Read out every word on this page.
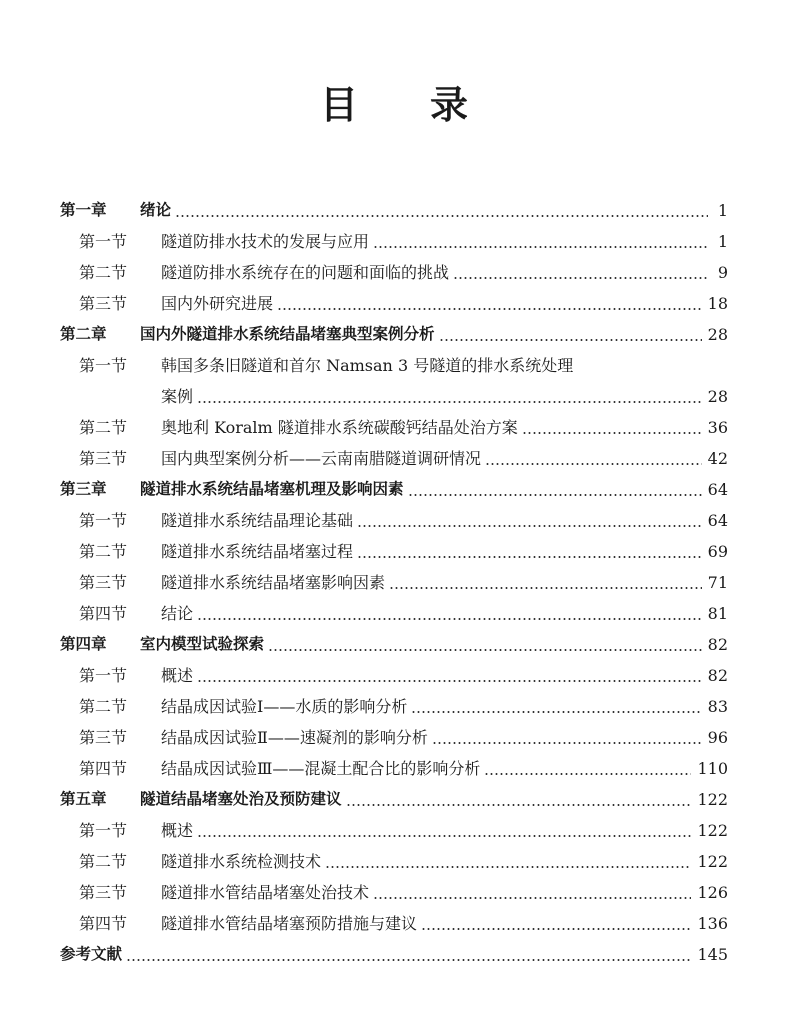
目 录
第一章	绪论	1
第一节	隧道防排水技术的发展与应用	1
第二节	隧道防排水系统存在的问题和面临的挑战	9
第三节	国内外研究进展	18
第二章	国内外隧道排水系统结晶堵塞典型案例分析	28
第一节	韩国多条旧隧道和首尔 Namsan 3 号隧道的排水系统处理
案例	28
第二节	奥地利 Koralm 隧道排水系统碳酸钙结晶处治方案	36
第三节	国内典型案例分析——云南南腊隧道调研情况	42
第三章	隧道排水系统结晶堵塞机理及影响因素	64
第一节	隧道排水系统结晶理论基础	64
第二节	隧道排水系统结晶堵塞过程	69
第三节	隧道排水系统结晶堵塞影响因素	71
第四节	结论	81
第四章	室内模型试验探索	82
第一节	概述	82
第二节	结晶成因试验Ⅰ——水质的影响分析	83
第三节	结晶成因试验Ⅱ——速凝剂的影响分析	96
第四节	结晶成因试验Ⅲ——混凝土配合比的影响分析	110
第五章	隧道结晶堵塞处治及预防建议	122
第一节	概述	122
第二节	隧道排水系统检测技术	122
第三节	隧道排水管结晶堵塞处治技术	126
第四节	隧道排水管结晶堵塞预防措施与建议	136
参考文献	145
